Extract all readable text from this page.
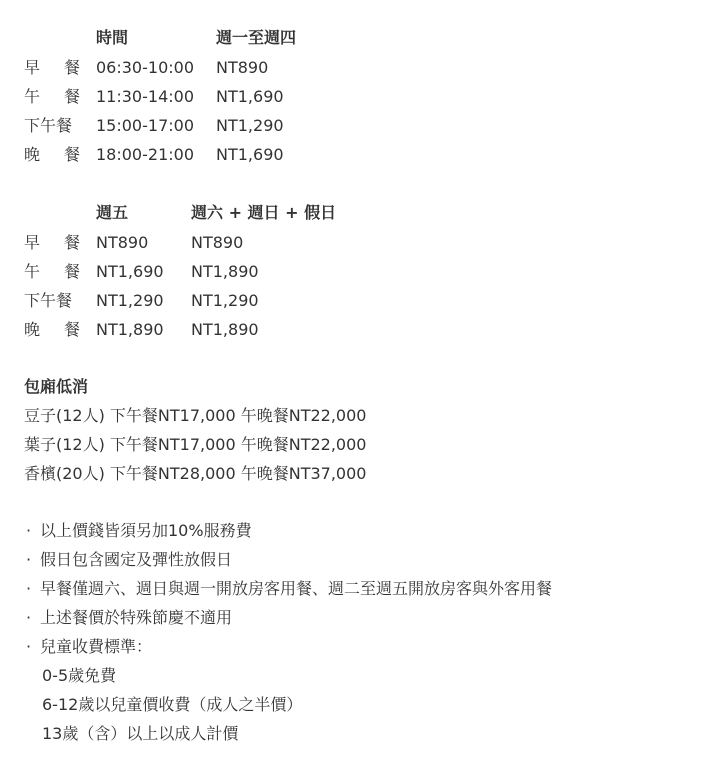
時間	週一至週四
早 餐 06:30-10:00 NT890
午 餐 11:30-14:00 NT1,690
下午餐 15:00-17:00 NT1,290
晚 餐 18:00-21:00 NT1,690
週五	週六 + 週日 + 假日
早 餐 NT890	NT890
午 餐 NT1,690 NT1,890
下午餐 NT1,290 NT1,290
晚 餐 NT1,890 NT1,890
包廂低消
豆子(12人) 下午餐NT17,000 午晚餐NT22,000
葉子(12人) 下午餐NT17,000 午晚餐NT22,000
香檳(20人) 下午餐NT28,000 午晚餐NT37,000
· 以上價錢皆須另加10%服務費
· 假日包含國定及彈性放假日
· 早餐僅週六、週日與週一開放房客用餐、週二至週五開放房客與外客用餐
· 上述餐價於特殊節慶不適用
· 兒童收費標準：
0-5歲免費
6-12歲以兒童價收費（成人之半價）
13歲（含）以上以成人計價
